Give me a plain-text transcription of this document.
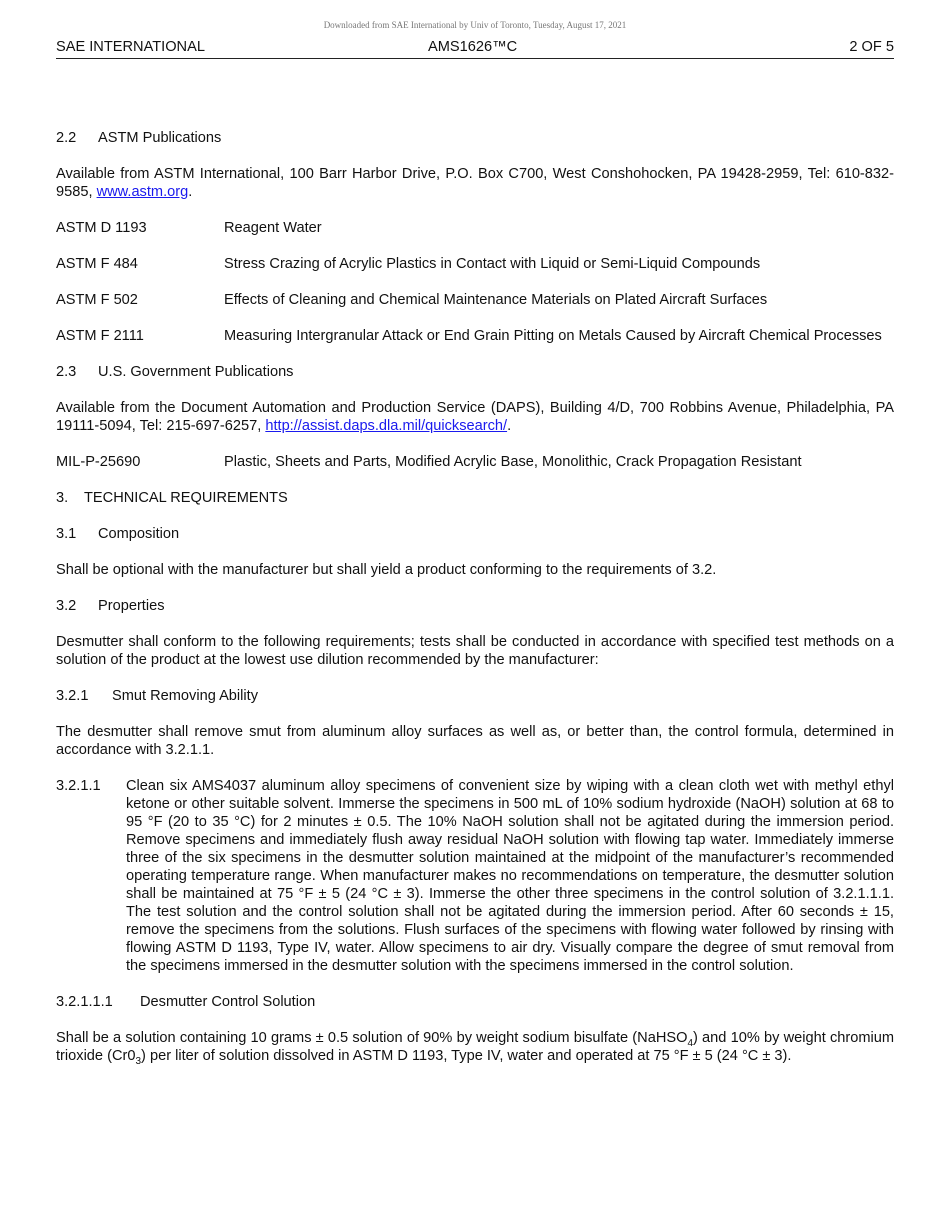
Downloaded from SAE International by Univ of Toronto, Tuesday, August 17, 2021
SAE INTERNATIONAL	AMS1626™C	2 OF 5
2.2 ASTM Publications

Available from ASTM International, 100 Barr Harbor Drive, P.O. Box C700, West Conshohocken, PA 19428-2959, Tel: 610-832-9585, www.astm.org.

ASTM D 1193	Reagent Water
ASTM F 484	Stress Crazing of Acrylic Plastics in Contact with Liquid or Semi-Liquid Compounds
ASTM F 502	Effects of Cleaning and Chemical Maintenance Materials on Plated Aircraft Surfaces
ASTM F 2111	Measuring Intergranular Attack or End Grain Pitting on Metals Caused by Aircraft Chemical Processes
2.3 U.S. Government Publications

Available from the Document Automation and Production Service (DAPS), Building 4/D, 700 Robbins Avenue, Philadelphia, PA 19111-5094, Tel: 215-697-6257, http://assist.daps.dla.mil/quicksearch/.

MIL-P-25690	Plastic, Sheets and Parts, Modified Acrylic Base, Monolithic, Crack Propagation Resistant
3. TECHNICAL REQUIREMENTS
3.1 Composition

Shall be optional with the manufacturer but shall yield a product conforming to the requirements of 3.2.

3.2 Properties

Desmutter shall conform to the following requirements; tests shall be conducted in accordance with specified test methods on a solution of the product at the lowest use dilution recommended by the manufacturer:

3.2.1 Smut Removing Ability

The desmutter shall remove smut from aluminum alloy surfaces as well as, or better than, the control formula, determined in accordance with 3.2.1.1.

3.2.1.1	Clean six AMS4037 aluminum alloy specimens of convenient size by wiping with a clean cloth wet with methyl ethyl ketone or other suitable solvent. Immerse the specimens in 500 mL of 10% sodium hydroxide (NaOH) solution at 68 to 95 °F (20 to 35 °C) for 2 minutes ± 0.5. The 10% NaOH solution shall not be agitated during the immersion period. Remove specimens and immediately flush away residual NaOH solution with flowing tap water. Immediately immerse three of the six specimens in the desmutter solution maintained at the midpoint of the manufacturer’s recommended operating temperature range. When manufacturer makes no recommendations on temperature, the desmutter solution shall be maintained at 75 °F ± 5 (24 °C ± 3). Immerse the other three specimens in the control solution of 3.2.1.1.1. The test solution and the control solution shall not be agitated during the immersion period. After 60 seconds ± 15, remove the specimens from the solutions. Flush surfaces of the specimens with flowing water followed by rinsing with flowing ASTM D 1193, Type IV, water. Allow specimens to air dry. Visually compare the degree of smut removal from the specimens immersed in the desmutter solution with the specimens immersed in the control solution.
3.2.1.1.1 Desmutter Control Solution

Shall be a solution containing 10 grams ± 0.5 solution of 90% by weight sodium bisulfate (NaHSO$_4$) and 10% by weight chromium trioxide $(Cr0_3)$ per liter of solution dissolved in ASTM D 1193, Type IV, water and operated at 75 °F ± 5 (24 °C ± 3).
